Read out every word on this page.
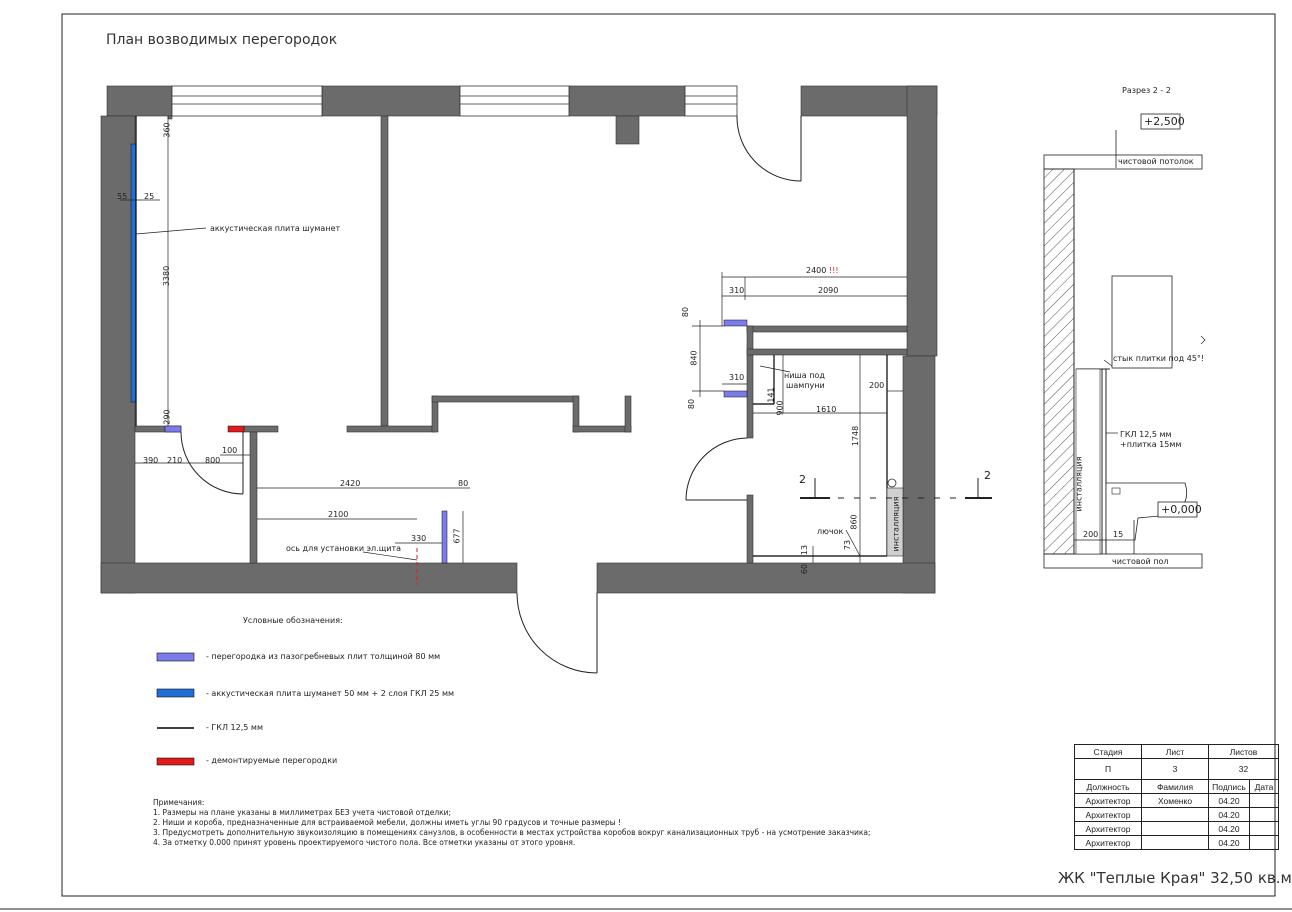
План возводимых перегородок
360
55 25
3380
290
390 210	800
100
2420	80
2100
330	677
2400 !!!
310	2090
80
840
310
80
141
900
200
1610
1748
860
73
13
60
аккустическая плита шуманет
ось для установки эл.щита
ниша под
шампуни
лючок	инсталляция
2	2
Разрез 2 - 2
+2,500
чистовой потолок
стык плитки под 45°!
ГКЛ 12,5 мм
+плитка 15мм
инсталляция	+0,000
200 15
чистовой пол
Условные обозначения:
- перегородка из пазогребневых плит толщиной 80 мм
- аккустическая плита шуманет 50 мм + 2 слоя ГКЛ 25 мм
- ГКЛ 12,5 мм
- демонтируемые перегородки
Примечания:
1. Размеры на плане указаны в миллиметрах БЕЗ учета чистовой отделки;
2. Ниши и короба, предназначенные для встраиваемой мебели, должны иметь углы 90 градусов и точные размеры !
3. Предусмотреть дополнительную звукоизоляцию в помещениях санузлов, в особенности в местах устройства коробов вокруг канализационных труб - на усмотрение заказчика;
4. За отметку 0.000 принят уровень проектируемого чистого пола. Все отметки указаны от этого уровня.
Стадия	Лист	Листов	
П	3	32	
Должность	Фамилия	Подпись	Дата
Архитектор	Хоменко	04.20	
Архитектор		04.20	
Архитектор		04.20	
Архитектор		04.20	
ЖК "Теплые Края" 32,50 кв.м
